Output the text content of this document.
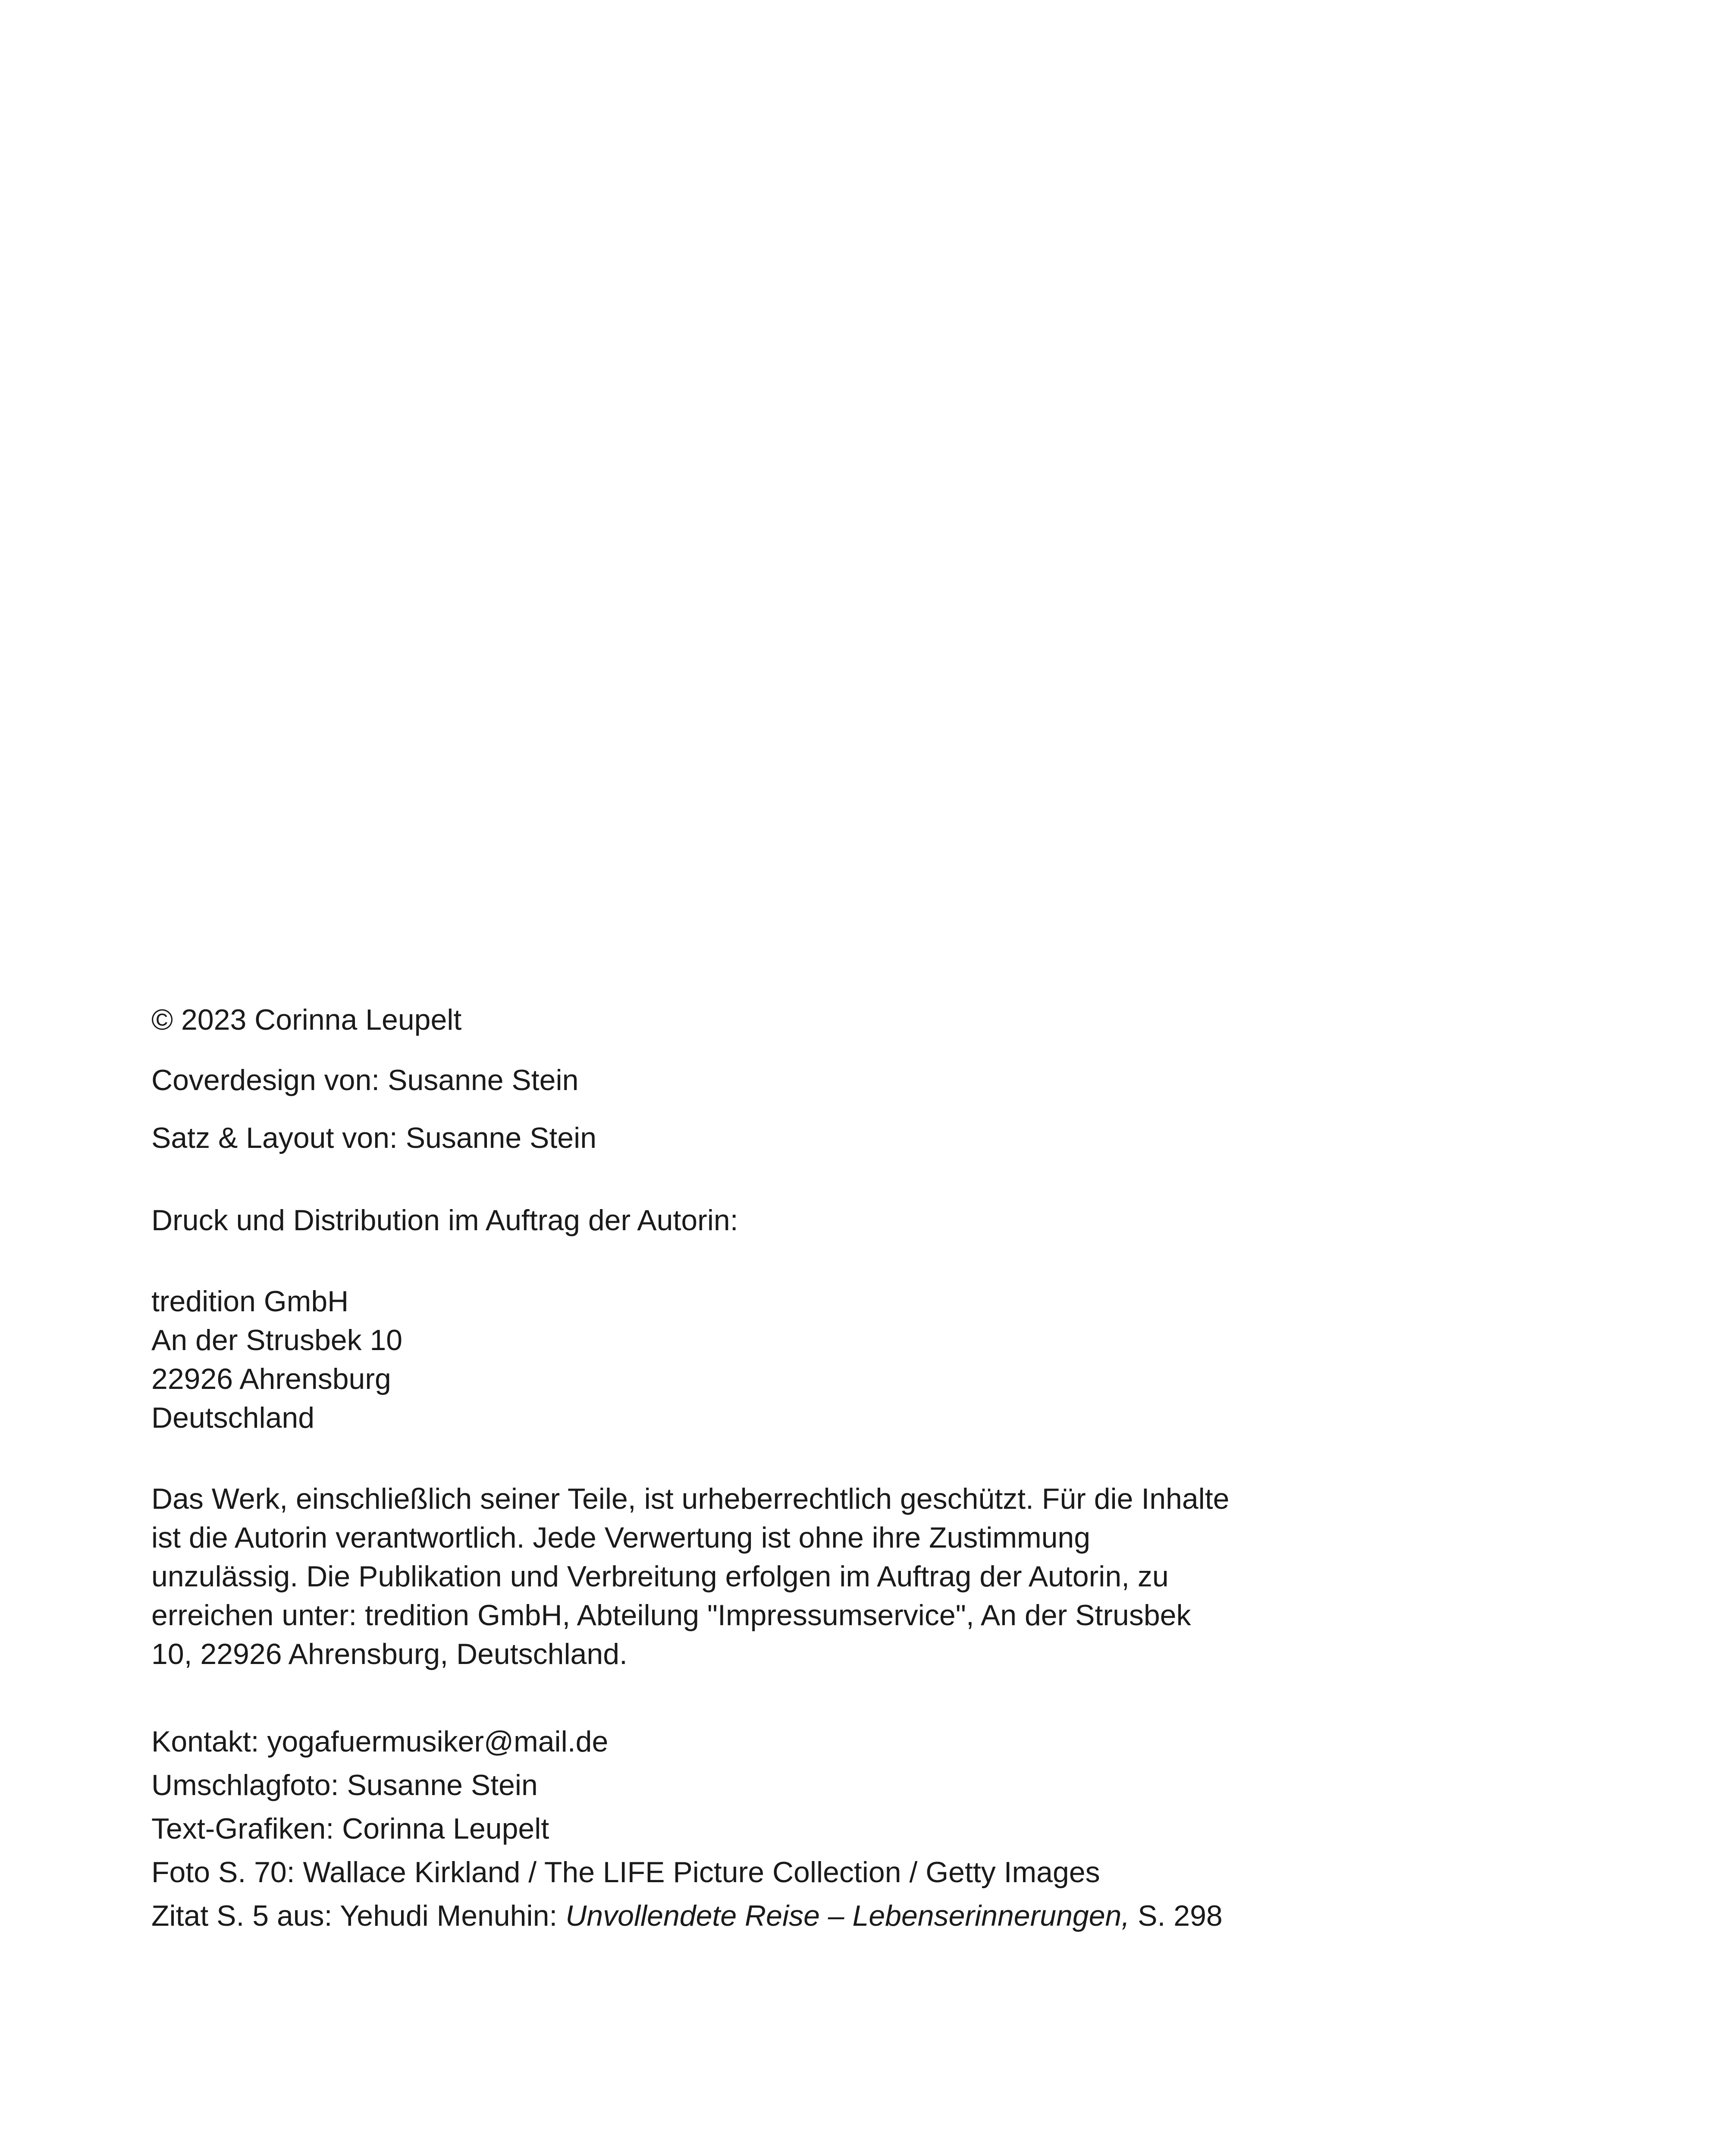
© 2023 Corinna Leupelt
Coverdesign von: Susanne Stein
Satz & Layout von: Susanne Stein
Druck und Distribution im Auftrag der Autorin:
tredition GmbH
An der Strusbek 10
22926 Ahrensburg
Deutschland
Das Werk, einschließlich seiner Teile, ist urheberrechtlich geschützt. Für die Inhalte
ist die Autorin verantwortlich. Jede Verwertung ist ohne ihre Zustimmung
unzulässig. Die Publikation und Verbreitung erfolgen im Auftrag der Autorin, zu
erreichen unter: tredition GmbH, Abteilung "Impressumservice", An der Strusbek
10, 22926 Ahrensburg, Deutschland.
Kontakt: yogafuermusiker@mail.de
Umschlagfoto: Susanne Stein
Text-Grafiken: Corinna Leupelt
Foto S. 70: Wallace Kirkland / The LIFE Picture Collection / Getty Images
Zitat S. 5 aus: Yehudi Menuhin: Unvollendete Reise – Lebenserinnerungen, S. 298
